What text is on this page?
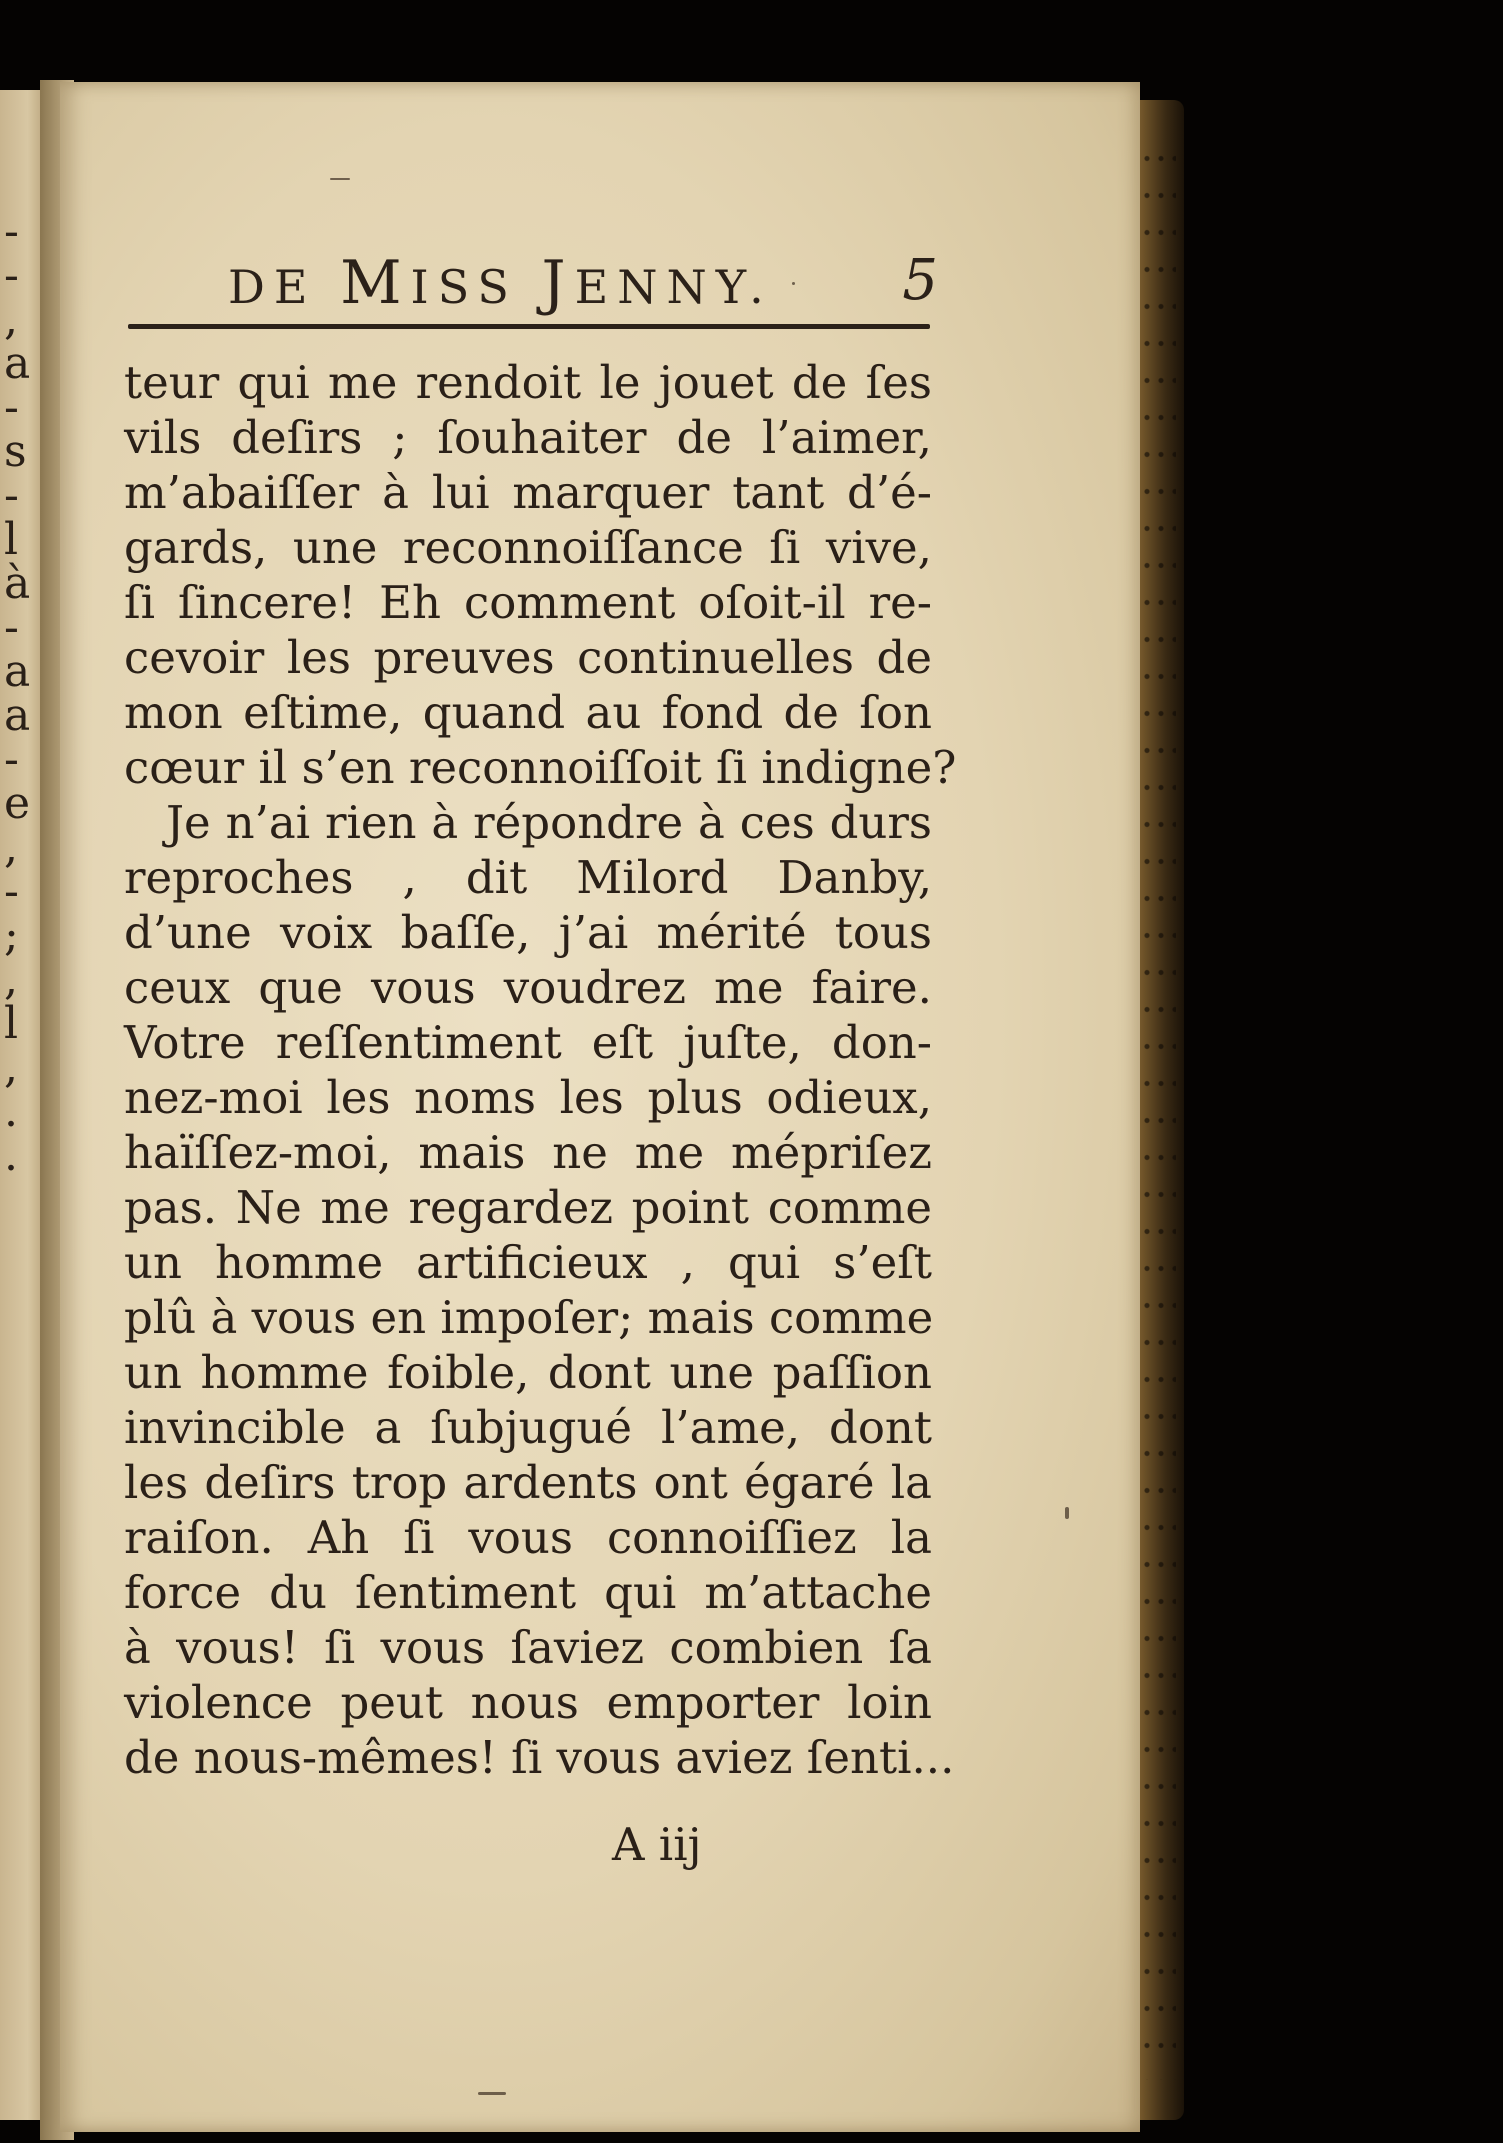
-
-
,
a
-
s
-
l
à
-
a
a
-
e
,
-
;
,
l
,
.
.
DE MISS JENNY. 5
teur qui me rendoit le jouet de ſes
vils deſirs ; ſouhaiter de l’aimer,
m’abaiſſer à lui marquer tant d’é-
gards, une reconnoiſſance ſi vive,
ſi ſincere! Eh comment oſoit-il re-
cevoir les preuves continuelles de
mon eſtime, quand au fond de ſon
cœur il s’en reconnoiſſoit ſi indigne?
Je n’ai rien à répondre à ces durs
reproches , dit Milord Danby,
d’une voix baſſe, j’ai mérité tous
ceux que vous voudrez me faire.
Votre reſſentiment eſt juſte, don-
nez-moi les noms les plus odieux,
haïſſez-moi, mais ne me mépriſez
pas. Ne me regardez point comme
un homme artificieux , qui s’eſt
plû à vous en impoſer; mais comme
un homme foible, dont une paſſion
invincible a ſubjugué l’ame, dont
les deſirs trop ardents ont égaré la
raiſon. Ah ſi vous connoiſſiez la
force du ſentiment qui m’attache
à vous! ſi vous ſaviez combien ſa
violence peut nous emporter loin
de nous-mêmes! ſi vous aviez ſenti...
A iij
